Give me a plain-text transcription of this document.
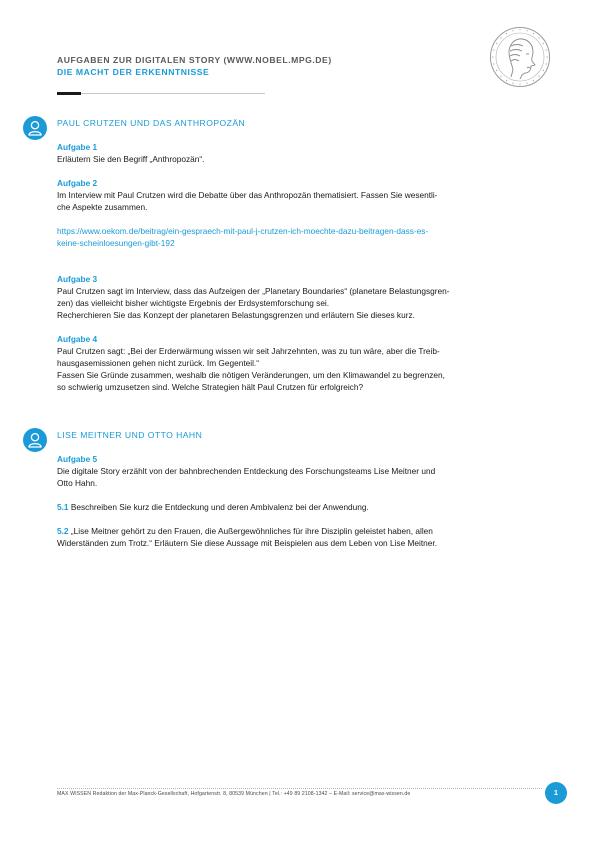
AUFGABEN ZUR DIGITALEN STORY (WWW.NOBEL.MPG.DE)
DIE MACHT DER ERKENNTNISSE
PAUL CRUTZEN UND DAS ANTHROPOZÄN
Aufgabe 1
Erläutern Sie den Begriff „Anthropozän“.
Aufgabe 2
Im Interview mit Paul Crutzen wird die Debatte über das Anthropozän thematisiert. Fassen Sie wesentli-
che Aspekte zusammen.
https://www.oekom.de/beitrag/ein-gespraech-mit-paul-j-crutzen-ich-moechte-dazu-beitragen-dass-es-
keine-scheinloesungen-gibt-192
Aufgabe 3
Paul Crutzen sagt im Interview, dass das Aufzeigen der „Planetary Boundaries“ (planetare Belastungsgren-
zen) das vielleicht bisher wichtigste Ergebnis der Erdsystemforschung sei.
Recherchieren Sie das Konzept der planetaren Belastungsgrenzen und erläutern Sie dieses kurz.
Aufgabe 4
Paul Crutzen sagt: „Bei der Erderwärmung wissen wir seit Jahrzehnten, was zu tun wäre, aber die Treib-
hausgasemissionen gehen nicht zurück. Im Gegenteil.“
Fassen Sie Gründe zusammen, weshalb die nötigen Veränderungen, um den Klimawandel zu begrenzen,
so schwierig umzusetzen sind. Welche Strategien hält Paul Crutzen für erfolgreich?
LISE MEITNER UND OTTO HAHN
Aufgabe 5
Die digitale Story erzählt von der bahnbrechenden Entdeckung des Forschungsteams Lise Meitner und
Otto Hahn.
5.1 Beschreiben Sie kurz die Entdeckung und deren Ambivalenz bei der Anwendung.
5.2 „Lise Meitner gehört zu den Frauen, die Außergewöhnliches für ihre Disziplin geleistet haben, allen
Widerständen zum Trotz.“ Erläutern Sie diese Aussage mit Beispielen aus dem Leben von Lise Meitner.
MAX WISSEN Redaktion der Max-Planck-Gesellschaft, Hofgartenstr. 8, 80539 München | Tel.: +49 89 2108-1342 – E-Mail: service@max-wissen.de	1
